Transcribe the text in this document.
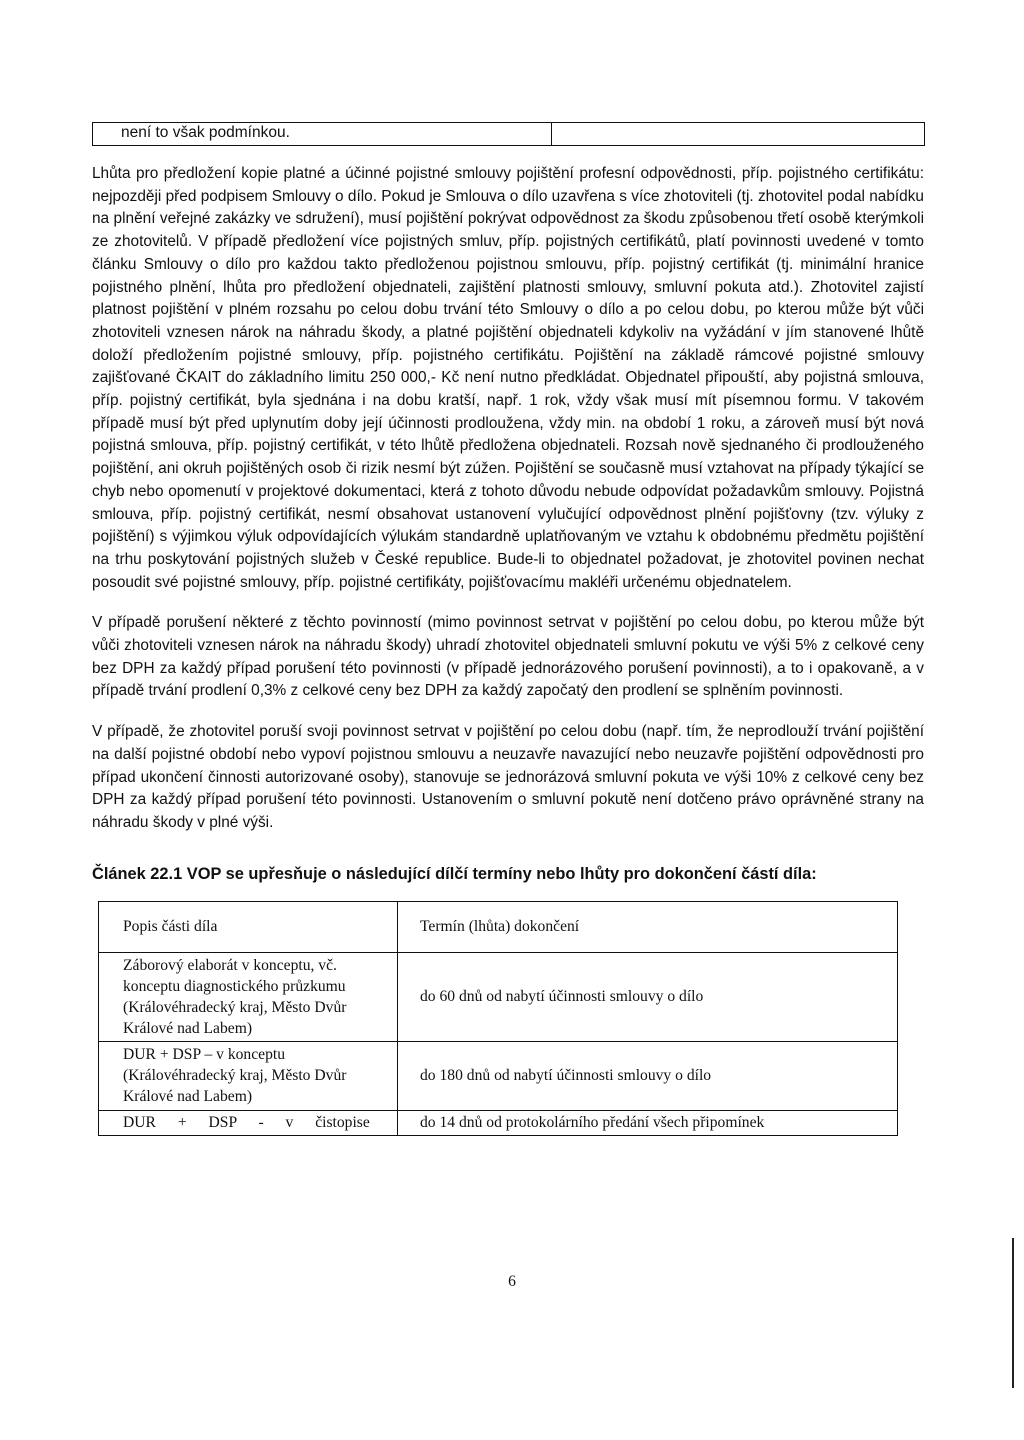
není to však podmínkou.	

Lhůta pro předložení kopie platné a účinné pojistné smlouvy pojištění profesní odpovědnosti, příp. pojistného certifikátu: nejpozději před podpisem Smlouvy o dílo. Pokud je Smlouva o dílo uzavřena s více zhotoviteli (tj. zhotovitel podal nabídku na plnění veřejné zakázky ve sdružení), musí pojištění pokrývat odpovědnost za škodu způsobenou třetí osobě kterýmkoli ze zhotovitelů. V případě předložení více pojistných smluv, příp. pojistných certifikátů, platí povinnosti uvedené v tomto článku Smlouvy o dílo pro každou takto předloženou pojistnou smlouvu, příp. pojistný certifikát (tj. minimální hranice pojistného plnění, lhůta pro předložení objednateli, zajištění platnosti smlouvy, smluvní pokuta atd.). Zhotovitel zajistí platnost pojištění v plném rozsahu po celou dobu trvání této Smlouvy o dílo a po celou dobu, po kterou může být vůči zhotoviteli vznesen nárok na náhradu škody, a platné pojištění objednateli kdykoliv na vyžádání v jím stanovené lhůtě doloží předložením pojistné smlouvy, příp. pojistného certifikátu. Pojištění na základě rámcové pojistné smlouvy zajišťované ČKAIT do základního limitu 250 000,- Kč není nutno předkládat. Objednatel připouští, aby pojistná smlouva, příp. pojistný certifikát, byla sjednána i na dobu kratší, např. 1 rok, vždy však musí mít písemnou formu. V takovém případě musí být před uplynutím doby její účinnosti prodloužena, vždy min. na období 1 roku, a zároveň musí být nová pojistná smlouva, příp. pojistný certifikát, v této lhůtě předložena objednateli. Rozsah nově sjednaného či prodlouženého pojištění, ani okruh pojištěných osob či rizik nesmí být zúžen. Pojištění se současně musí vztahovat na případy týkající se chyb nebo opomenutí v projektové dokumentaci, která z tohoto důvodu nebude odpovídat požadavkům smlouvy. Pojistná smlouva, příp. pojistný certifikát, nesmí obsahovat ustanovení vylučující odpovědnost plnění pojišťovny (tzv. výluky z pojištění) s výjimkou výluk odpovídajících výlukám standardně uplatňovaným ve vztahu k obdobnému předmětu pojištění na trhu poskytování pojistných služeb v České republice. Bude-li to objednatel požadovat, je zhotovitel povinen nechat posoudit své pojistné smlouvy, příp. pojistné certifikáty, pojišťovacímu makléři určenému objednatelem.

V případě porušení některé z těchto povinností (mimo povinnost setrvat v pojištění po celou dobu, po kterou může být vůči zhotoviteli vznesen nárok na náhradu škody) uhradí zhotovitel objednateli smluvní pokutu ve výši 5% z celkové ceny bez DPH za každý případ porušení této povinnosti (v případě jednorázového porušení povinnosti), a to i opakovaně, a v případě trvání prodlení 0,3% z celkové ceny bez DPH za každý započatý den prodlení se splněním povinnosti.

V případě, že zhotovitel poruší svoji povinnost setrvat v pojištění po celou dobu (např. tím, že neprodlouží trvání pojištění na další pojistné období nebo vypoví pojistnou smlouvu a neuzavře navazující nebo neuzavře pojištění odpovědnosti pro případ ukončení činnosti autorizované osoby), stanovuje se jednorázová smluvní pokuta ve výši 10% z celkové ceny bez DPH za každý případ porušení této povinnosti. Ustanovením o smluvní pokutě není dotčeno právo oprávněné strany na náhradu škody v plné výši.

Článek 22.1 VOP se upřesňuje o následující dílčí termíny nebo lhůty pro dokončení částí díla:
Popis části díla	Termín (lhůta) dokončení
Záborový elaborát v konceptu, vč. konceptu diagnostického průzkumu (Královéhradecký kraj, Město Dvůr Králové nad Labem)	do 60 dnů od nabytí účinnosti smlouvy o dílo
DUR + DSP – v konceptu (Královéhradecký kraj, Město Dvůr Králové nad Labem)	do 180 dnů od nabytí účinnosti smlouvy o dílo
DUR + DSP - v čistopise	do 14 dnů od protokolárního předání všech připomínek
6
